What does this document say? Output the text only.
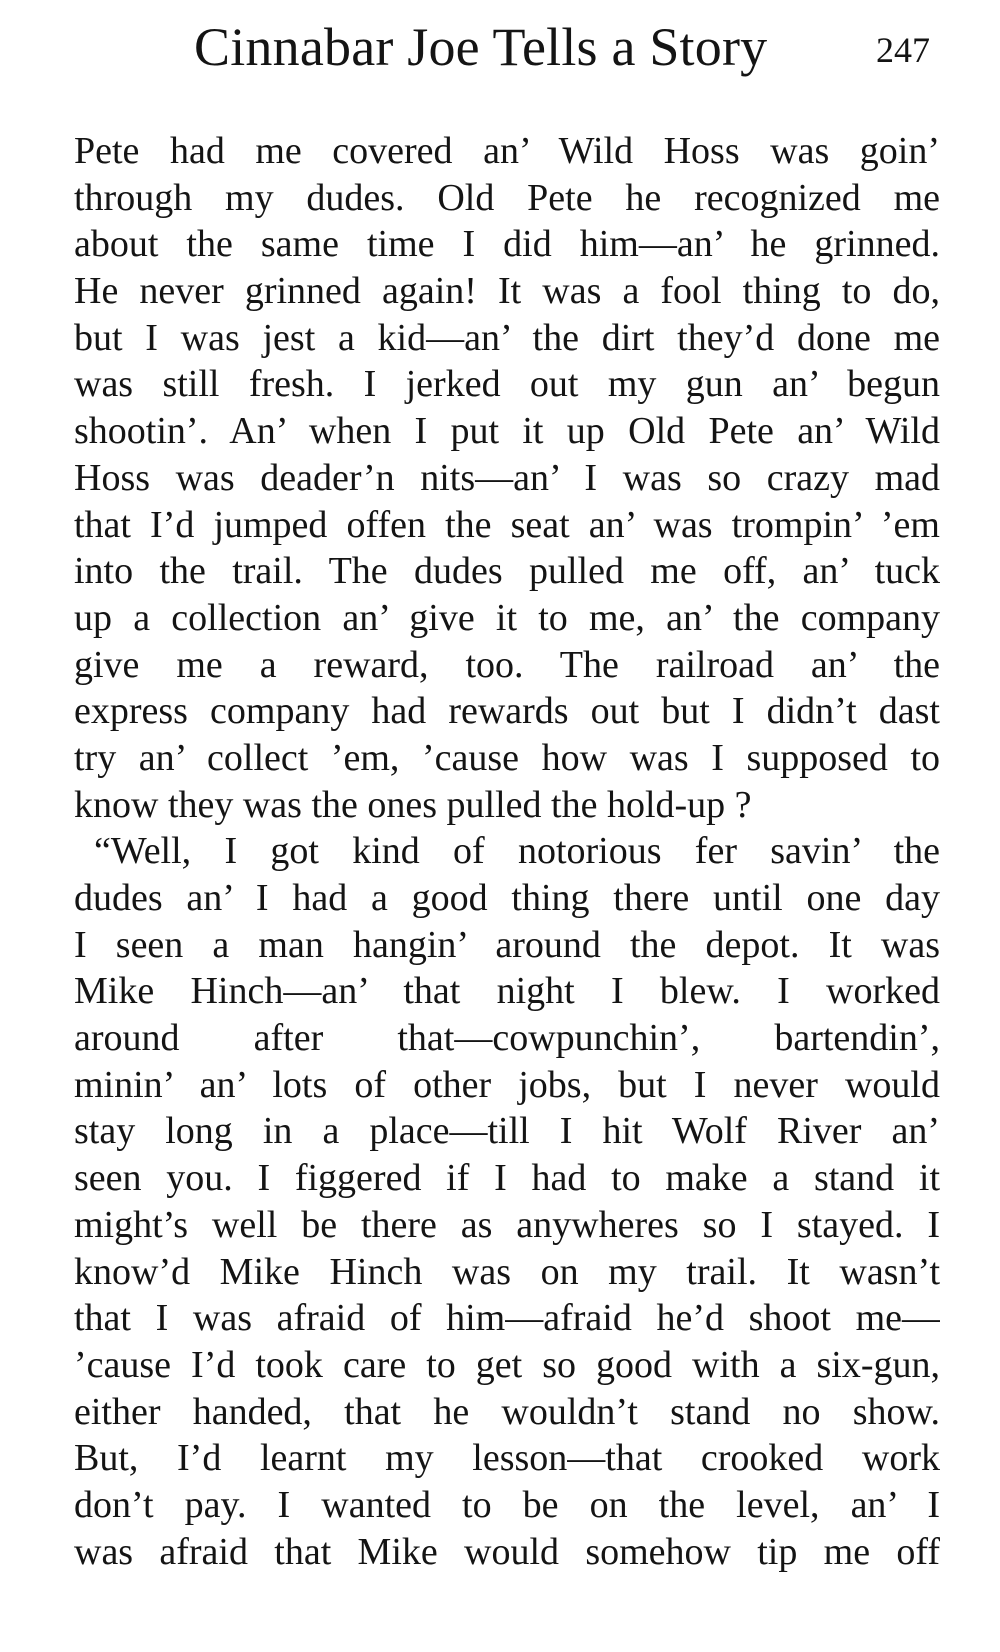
Cinnabar Joe Tells a Story	247
Pete had me covered an’ Wild Hoss was goin’
through my dudes. Old Pete he recognized me
about the same time I did him—an’ he grinned.
He never grinned again! It was a fool thing to do,
but I was jest a kid—an’ the dirt they’d done me
was still fresh. I jerked out my gun an’ begun
shootin’. An’ when I put it up Old Pete an’ Wild
Hoss was deader’n nits—an’ I was so crazy mad
that I’d jumped offen the seat an’ was trompin’ ’em
into the trail. The dudes pulled me off, an’ tuck
up a collection an’ give it to me, an’ the company
give me a reward, too. The railroad an’ the
express company had rewards out but I didn’t dast
try an’ collect ’em, ’cause how was I supposed to
know they was the ones pulled the hold-up ?
“Well, I got kind of notorious fer savin’ the
dudes an’ I had a good thing there until one day
I seen a man hangin’ around the depot. It was
Mike Hinch—an’ that night I blew. I worked
around after that—cowpunchin’, bartendin’,
minin’ an’ lots of other jobs, but I never would
stay long in a place—till I hit Wolf River an’
seen you. I figgered if I had to make a stand it
might’s well be there as anywheres so I stayed. I
know’d Mike Hinch was on my trail. It wasn’t
that I was afraid of him—afraid he’d shoot me—
’cause I’d took care to get so good with a six-gun,
either handed, that he wouldn’t stand no show.
But, I’d learnt my lesson—that crooked work
don’t pay. I wanted to be on the level, an’ I
was afraid that Mike would somehow tip me off
